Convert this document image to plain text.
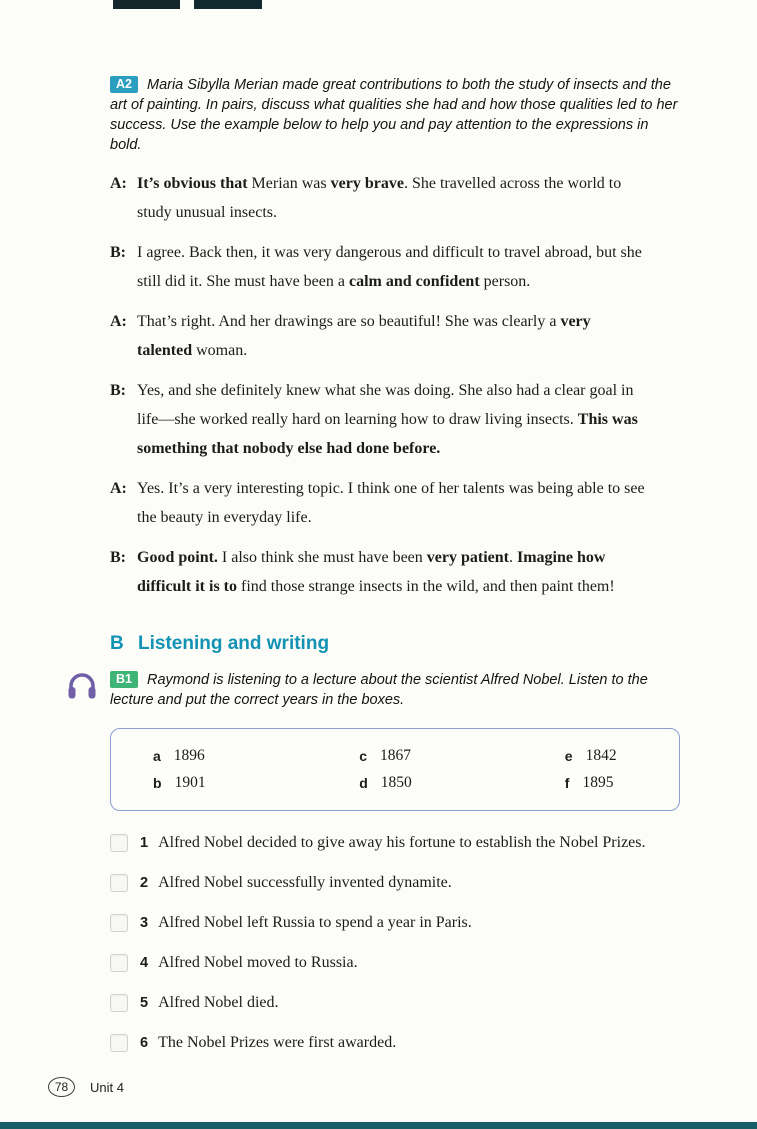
A2 Maria Sibylla Merian made great contributions to both the study of insects and the art of painting. In pairs, discuss what qualities she had and how those qualities led to her success. Use the example below to help you and pay attention to the expressions in bold.
A: It’s obvious that Merian was very brave. She travelled across the world to study unusual insects.

B: I agree. Back then, it was very dangerous and difficult to travel abroad, but she still did it. She must have been a calm and confident person.

A: That’s right. And her drawings are so beautiful! She was clearly a very talented woman.

B: Yes, and she definitely knew what she was doing. She also had a clear goal in life—she worked really hard on learning how to draw living insects. This was something that nobody else had done before.

A: Yes. It’s a very interesting topic. I think one of her talents was being able to see the beauty in everyday life.

B: Good point. I also think she must have been very patient. Imagine how difficult it is to find those strange insects in the wild, and then paint them!

B Listening and writing
B1 Raymond is listening to a lecture about the scientist Alfred Nobel. Listen to the lecture and put the correct years in the boxes.
a 1896
b 1901
c 1867
d 1850
e 1842
f 1895
1 Alfred Nobel decided to give away his fortune to establish the Nobel Prizes.
2 Alfred Nobel successfully invented dynamite.
3 Alfred Nobel left Russia to spend a year in Paris.
4 Alfred Nobel moved to Russia.
5 Alfred Nobel died.
6 The Nobel Prizes were first awarded.
78	Unit 4
